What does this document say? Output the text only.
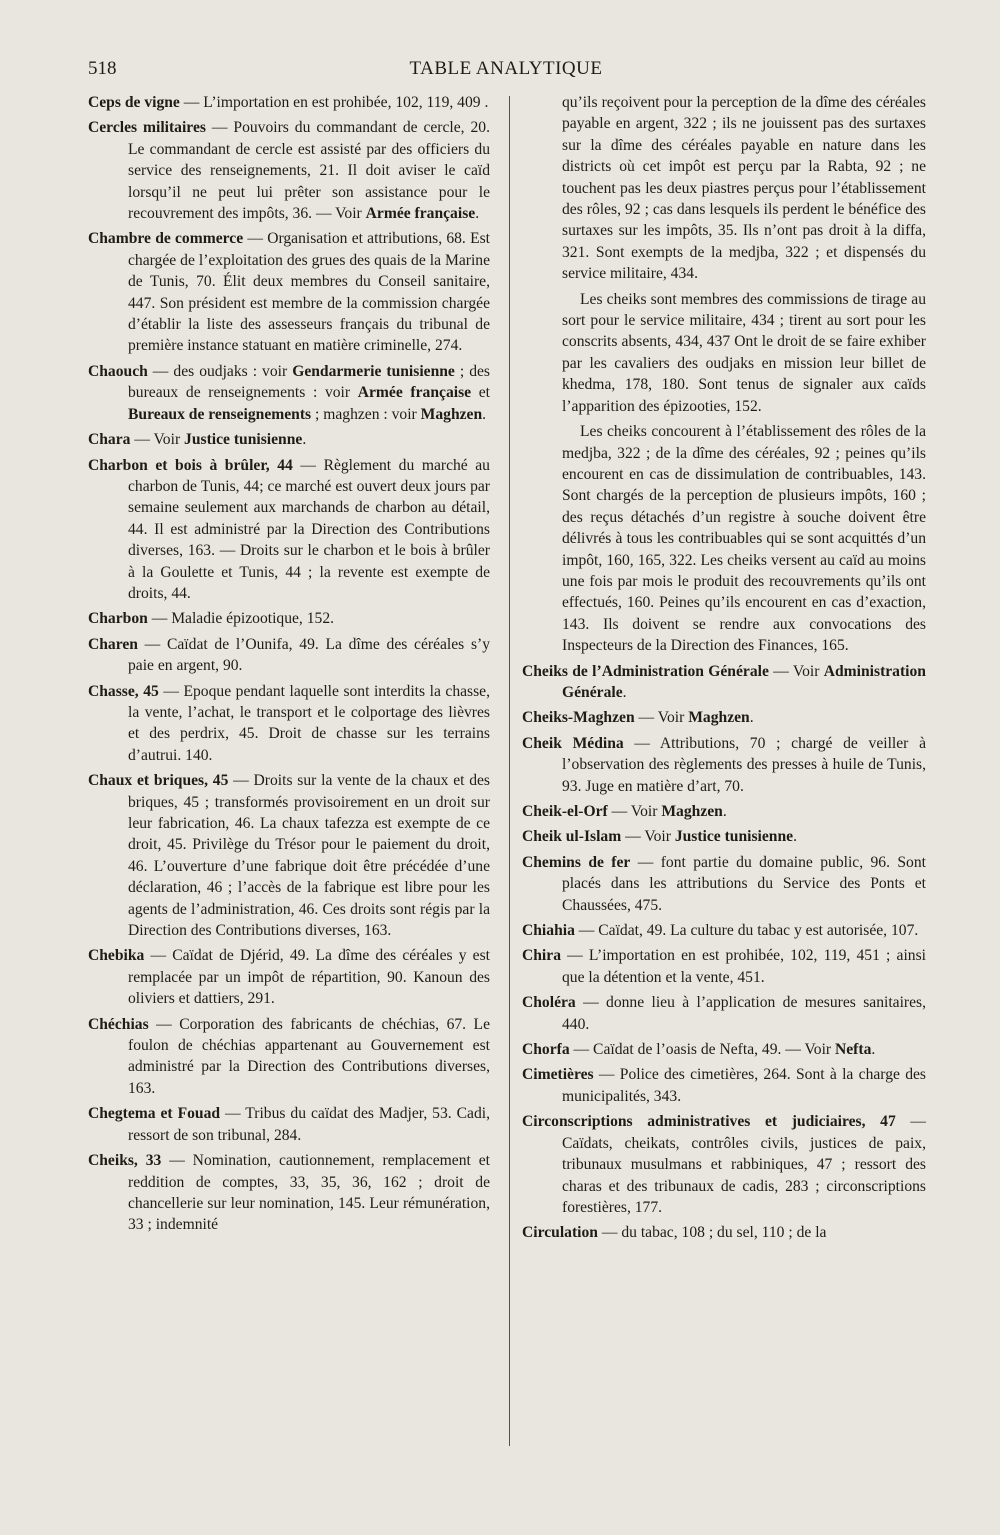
518	TABLE ANALYTIQUE

Ceps de vigne — L’importation en est prohibée, 102, 119, 409 .

Cercles militaires — Pouvoirs du commandant de cercle, 20. Le commandant de cercle est assisté par des officiers du service des renseignements, 21. Il doit aviser le caïd lorsqu’il ne peut lui prêter son assistance pour le recouvrement des impôts, 36. — Voir Armée française.

Chambre de commerce — Organisation et attributions, 68. Est chargée de l’exploitation des grues des quais de la Marine de Tunis, 70. Élit deux membres du Conseil sanitaire, 447. Son président est membre de la commission chargée d’établir la liste des assesseurs français du tribunal de première instance statuant en matière criminelle, 274.

Chaouch — des oudjaks : voir Gendarmerie tunisienne ; des bureaux de renseignements : voir Armée française et Bureaux de renseignements ; maghzen : voir Maghzen.

Chara — Voir Justice tunisienne.

Charbon et bois à brûler, 44 — Règlement du marché au charbon de Tunis, 44; ce marché est ouvert deux jours par semaine seulement aux marchands de charbon au détail, 44. Il est administré par la Direction des Contributions diverses, 163. — Droits sur le charbon et le bois à brûler à la Goulette et Tunis, 44 ; la revente est exempte de droits, 44.

Charbon — Maladie épizootique, 152.

Charen — Caïdat de l’Ounifa, 49. La dîme des céréales s’y paie en argent, 90.

Chasse, 45 — Epoque pendant laquelle sont interdits la chasse, la vente, l’achat, le transport et le colportage des lièvres et des perdrix, 45. Droit de chasse sur les terrains d’autrui. 140.

Chaux et briques, 45 — Droits sur la vente de la chaux et des briques, 45 ; transformés provisoirement en un droit sur leur fabrication, 46. La chaux tafezza est exempte de ce droit, 45. Privilège du Trésor pour le paiement du droit, 46. L’ouverture d’une fabrique doit être précédée d’une déclaration, 46 ; l’accès de la fabrique est libre pour les agents de l’administration, 46. Ces droits sont régis par la Direction des Contributions diverses, 163.

Chebika — Caïdat de Djérid, 49. La dîme des céréales y est remplacée par un impôt de répartition, 90. Kanoun des oliviers et dattiers, 291.

Chéchias — Corporation des fabricants de chéchias, 67. Le foulon de chéchias appartenant au Gouvernement est administré par la Direction des Contributions diverses, 163.

Chegtema et Fouad — Tribus du caïdat des Madjer, 53. Cadi, ressort de son tribunal, 284.

Cheiks, 33 — Nomination, cautionnement, remplacement et reddition de comptes, 33, 35, 36, 162 ; droit de chancellerie sur leur nomination, 145. Leur rémunération, 33 ; indemnité

qu’ils reçoivent pour la perception de la dîme des céréales payable en argent, 322 ; ils ne jouissent pas des surtaxes sur la dîme des céréales payable en nature dans les districts où cet impôt est perçu par la Rabta, 92 ; ne touchent pas les deux piastres perçus pour l’établissement des rôles, 92 ; cas dans lesquels ils perdent le bénéfice des surtaxes sur les impôts, 35. Ils n’ont pas droit à la diffa, 321. Sont exempts de la medjba, 322 ; et dispensés du service militaire, 434.

Les cheiks sont membres des commissions de tirage au sort pour le service militaire, 434 ; tirent au sort pour les conscrits absents, 434, 437 Ont le droit de se faire exhiber par les cavaliers des oudjaks en mission leur billet de khedma, 178, 180. Sont tenus de signaler aux caïds l’apparition des épizooties, 152.

Les cheiks concourent à l’établissement des rôles de la medjba, 322 ; de la dîme des céréales, 92 ; peines qu’ils encourent en cas de dissimulation de contribuables, 143. Sont chargés de la perception de plusieurs impôts, 160 ; des reçus détachés d’un registre à souche doivent être délivrés à tous les contribuables qui se sont acquittés d’un impôt, 160, 165, 322. Les cheiks versent au caïd au moins une fois par mois le produit des recouvrements qu’ils ont effectués, 160. Peines qu’ils encourent en cas d’exaction, 143. Ils doivent se rendre aux convocations des Inspecteurs de la Direction des Finances, 165.

Cheiks de l’Administration Générale — Voir Administration Générale.

Cheiks-Maghzen — Voir Maghzen.

Cheik Médina — Attributions, 70 ; chargé de veiller à l’observation des règlements des presses à huile de Tunis, 93. Juge en matière d’art, 70.

Cheik-el-Orf — Voir Maghzen.

Cheik ul-Islam — Voir Justice tunisienne.

Chemins de fer — font partie du domaine public, 96. Sont placés dans les attributions du Service des Ponts et Chaussées, 475.

Chiahia — Caïdat, 49. La culture du tabac y est autorisée, 107.

Chira — L’importation en est prohibée, 102, 119, 451 ; ainsi que la détention et la vente, 451.

Choléra — donne lieu à l’application de mesures sanitaires, 440.

Chorfa — Caïdat de l’oasis de Nefta, 49. — Voir Nefta.

Cimetières — Police des cimetières, 264. Sont à la charge des municipalités, 343.

Circonscriptions administratives et judiciaires, 47 — Caïdats, cheikats, contrôles civils, justices de paix, tribunaux musulmans et rabbiniques, 47 ; ressort des charas et des tribunaux de cadis, 283 ; circonscriptions forestières, 177.

Circulation — du tabac, 108 ; du sel, 110 ; de la
